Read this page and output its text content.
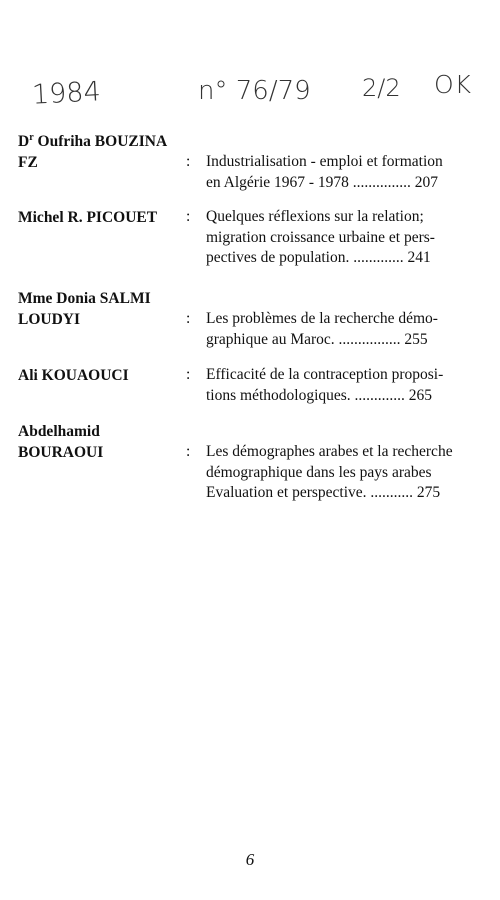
1984	n° 76/79 2/2 OK
$D^r$ Oufriha BOUZINA
FZ	:	Industrialisation - emploi et formation
en Algérie 1967 - 1978 ............... 207
Michel R. PICOUET	:	Quelques réflexions sur la relation;
migration croissance urbaine et pers-
pectives de population. ............. 241
Mme Donia SALMI
LOUDYI	:	Les problèmes de la recherche démo-
graphique au Maroc. ................ 255
Ali KOUAOUCI	:	Efficacité de la contraception proposi-
tions méthodologiques. ............. 265
Abdelhamid
BOURAOUI	:	Les démographes arabes et la recherche
démographique dans les pays arabes
Evaluation et perspective. ........... 275
6
